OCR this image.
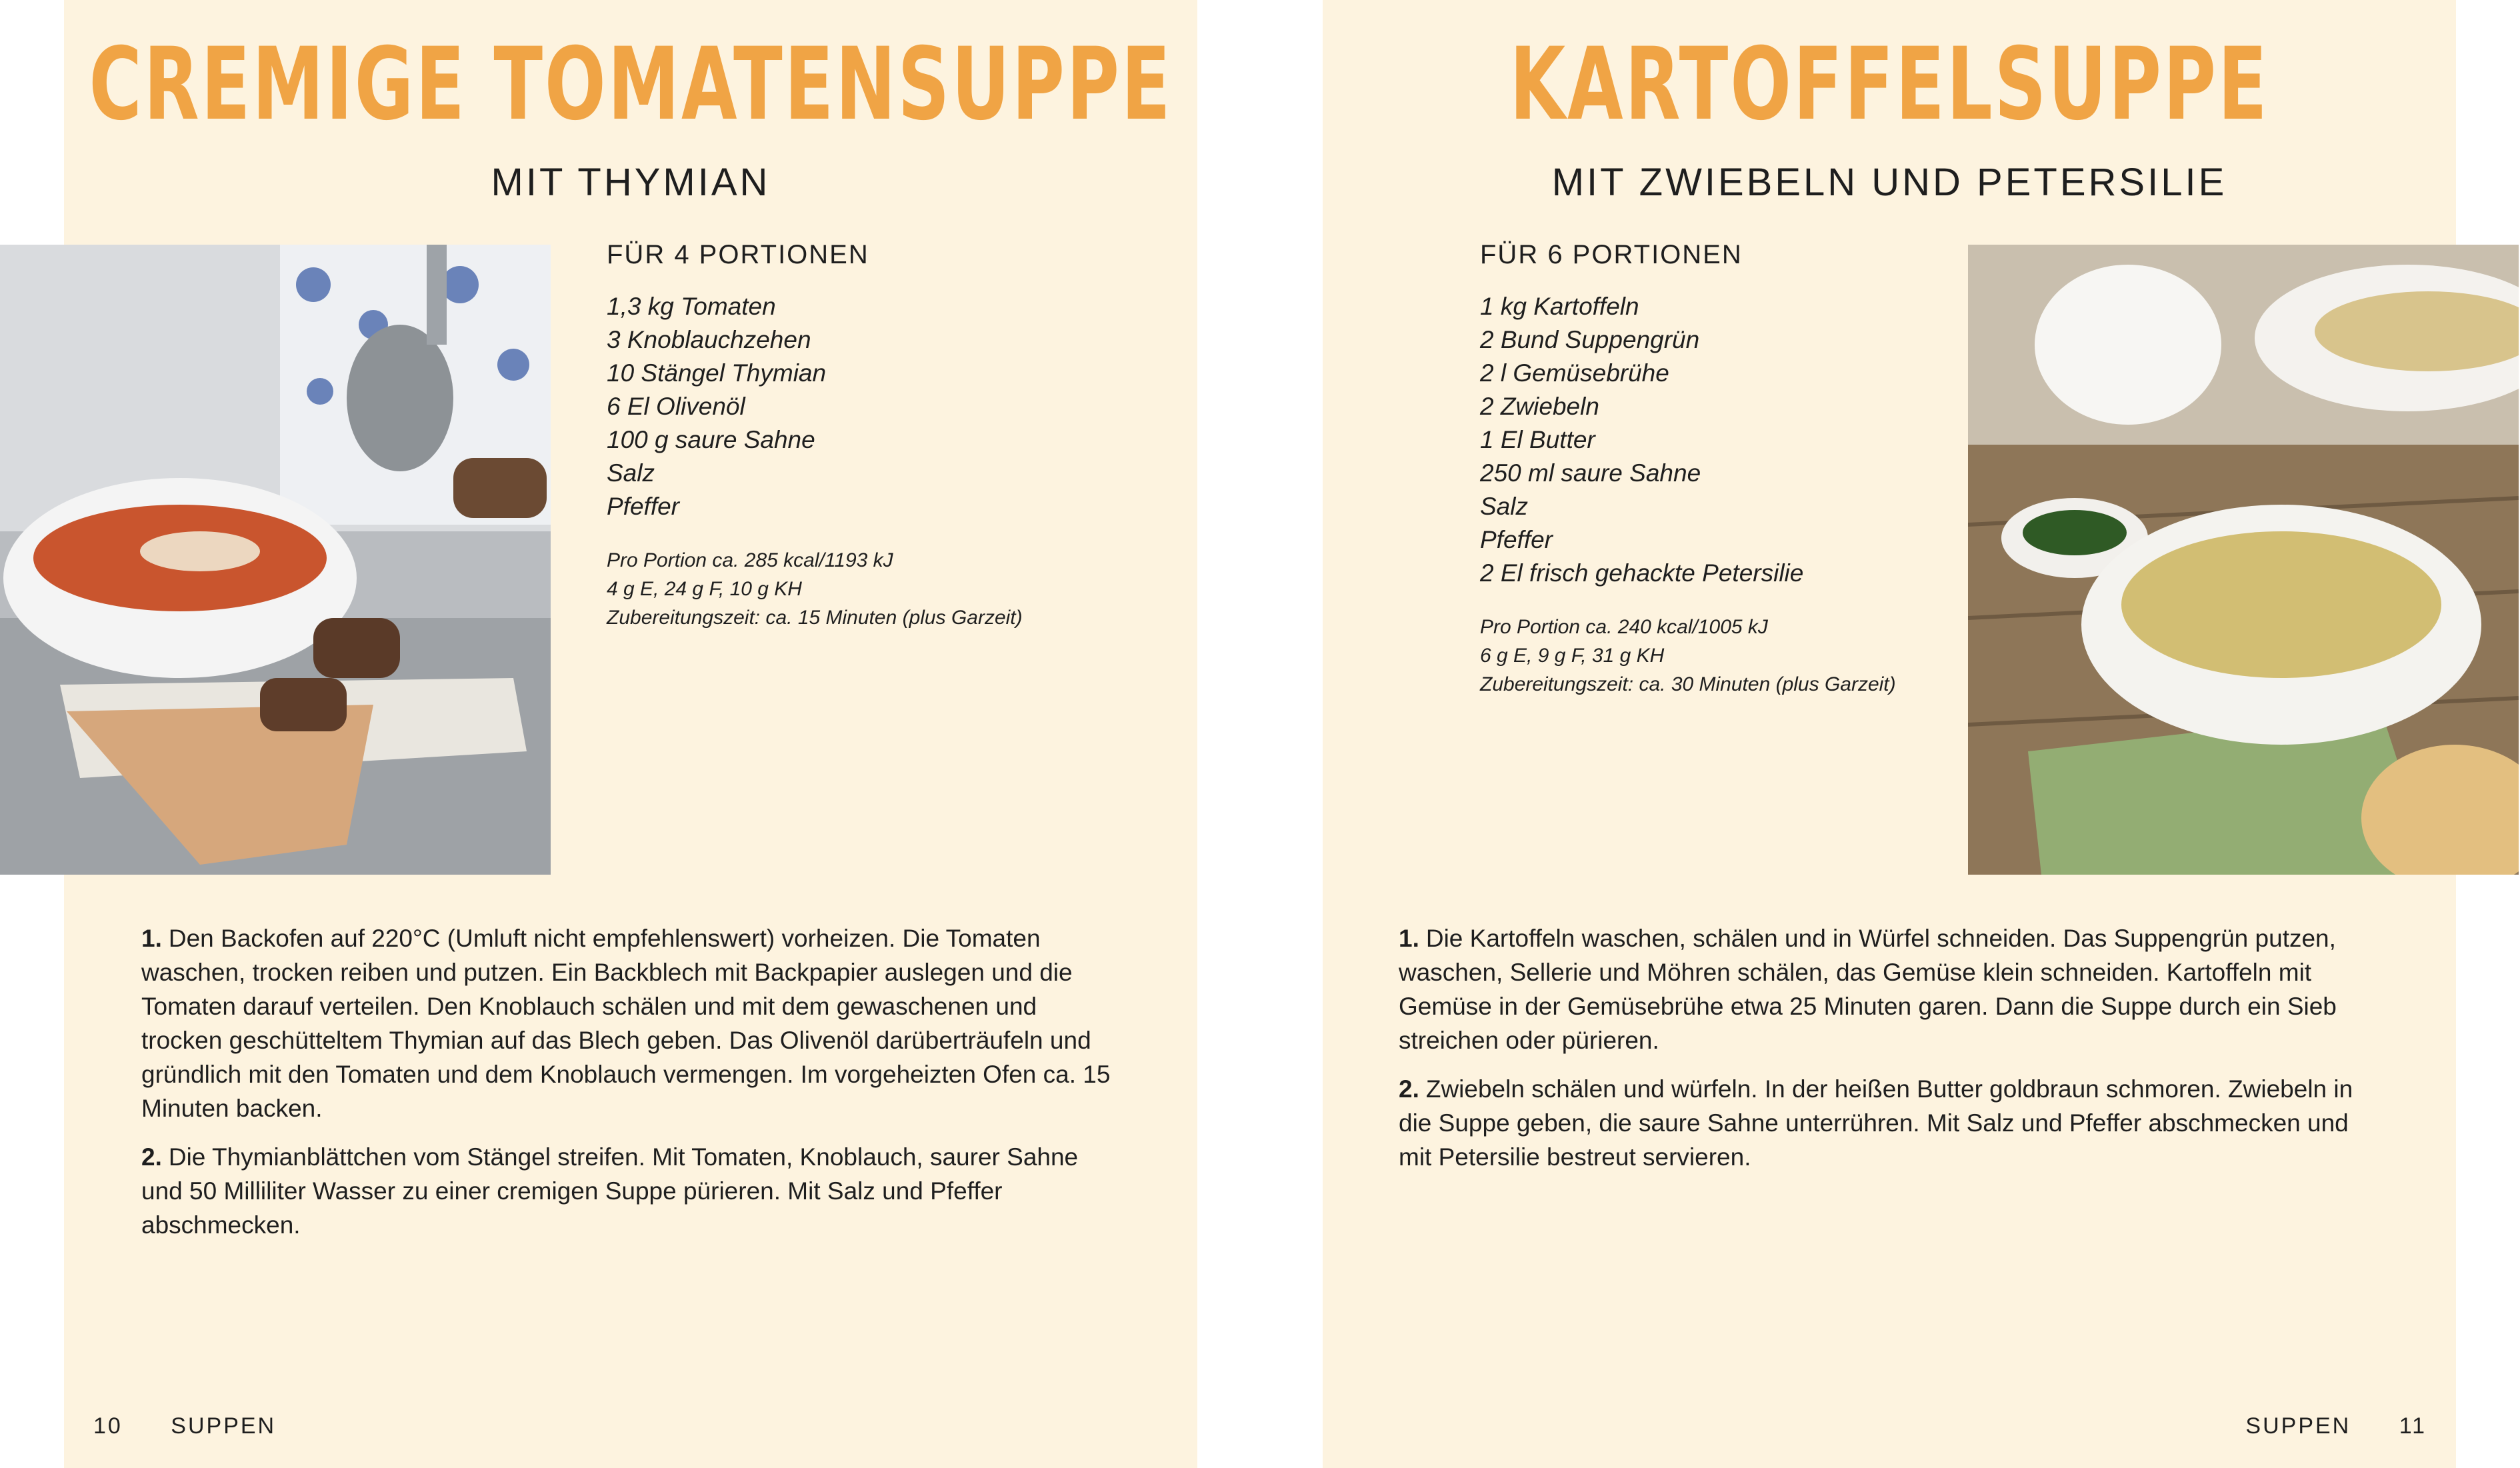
CREMIGE TOMATENSUPPE
MIT THYMIAN
FÜR 4 PORTIONEN
1,3 kg Tomaten
3 Knoblauchzehen
10 Stängel Thymian
6 El Olivenöl
100 g saure Sahne
Salz
Pfeffer
Pro Portion ca. 285 kcal/1193 kJ
4 g E, 24 g F, 10 g KH
Zubereitungszeit: ca. 15 Minuten (plus Garzeit)

1. Den Backofen auf 220°C (Umluft nicht empfehlenswert) vorheizen. Die Tomaten waschen, trocken reiben und putzen. Ein Backblech mit Backpapier auslegen und die Tomaten darauf verteilen. Den Knoblauch schälen und mit dem gewaschenen und trocken geschütteltem Thymian auf das Blech geben. Das Olivenöl darüberträufeln und gründlich mit den Tomaten und dem Knoblauch vermengen. Im vorgeheizten Ofen ca. 15 Minuten backen.

2. Die Thymianblättchen vom Stängel streifen. Mit Tomaten, Knoblauch, saurer Sahne und 50 Milliliter Wasser zu einer cremigen Suppe pürieren. Mit Salz und Pfeffer abschmecken.

10 SUPPEN
KARTOFFELSUPPE
MIT ZWIEBELN UND PETERSILIE
FÜR 6 PORTIONEN
1 kg Kartoffeln
2 Bund Suppengrün
2 l Gemüsebrühe
2 Zwiebeln
1 El Butter
250 ml saure Sahne
Salz
Pfeffer
2 El frisch gehackte Petersilie
Pro Portion ca. 240 kcal/1005 kJ
6 g E, 9 g F, 31 g KH
Zubereitungszeit: ca. 30 Minuten (plus Garzeit)

1. Die Kartoffeln waschen, schälen und in Würfel schneiden. Das Suppengrün putzen, waschen, Sellerie und Möhren schälen, das Gemüse klein schneiden. Kartoffeln mit Gemüse in der Gemüsebrühe etwa 25 Minuten garen. Dann die Suppe durch ein Sieb streichen oder pürieren.

2. Zwiebeln schälen und würfeln. In der heißen Butter goldbraun schmoren. Zwiebeln in die Suppe geben, die saure Sahne unterrühren. Mit Salz und Pfeffer abschmecken und mit Petersilie bestreut servieren.

SUPPEN 11
